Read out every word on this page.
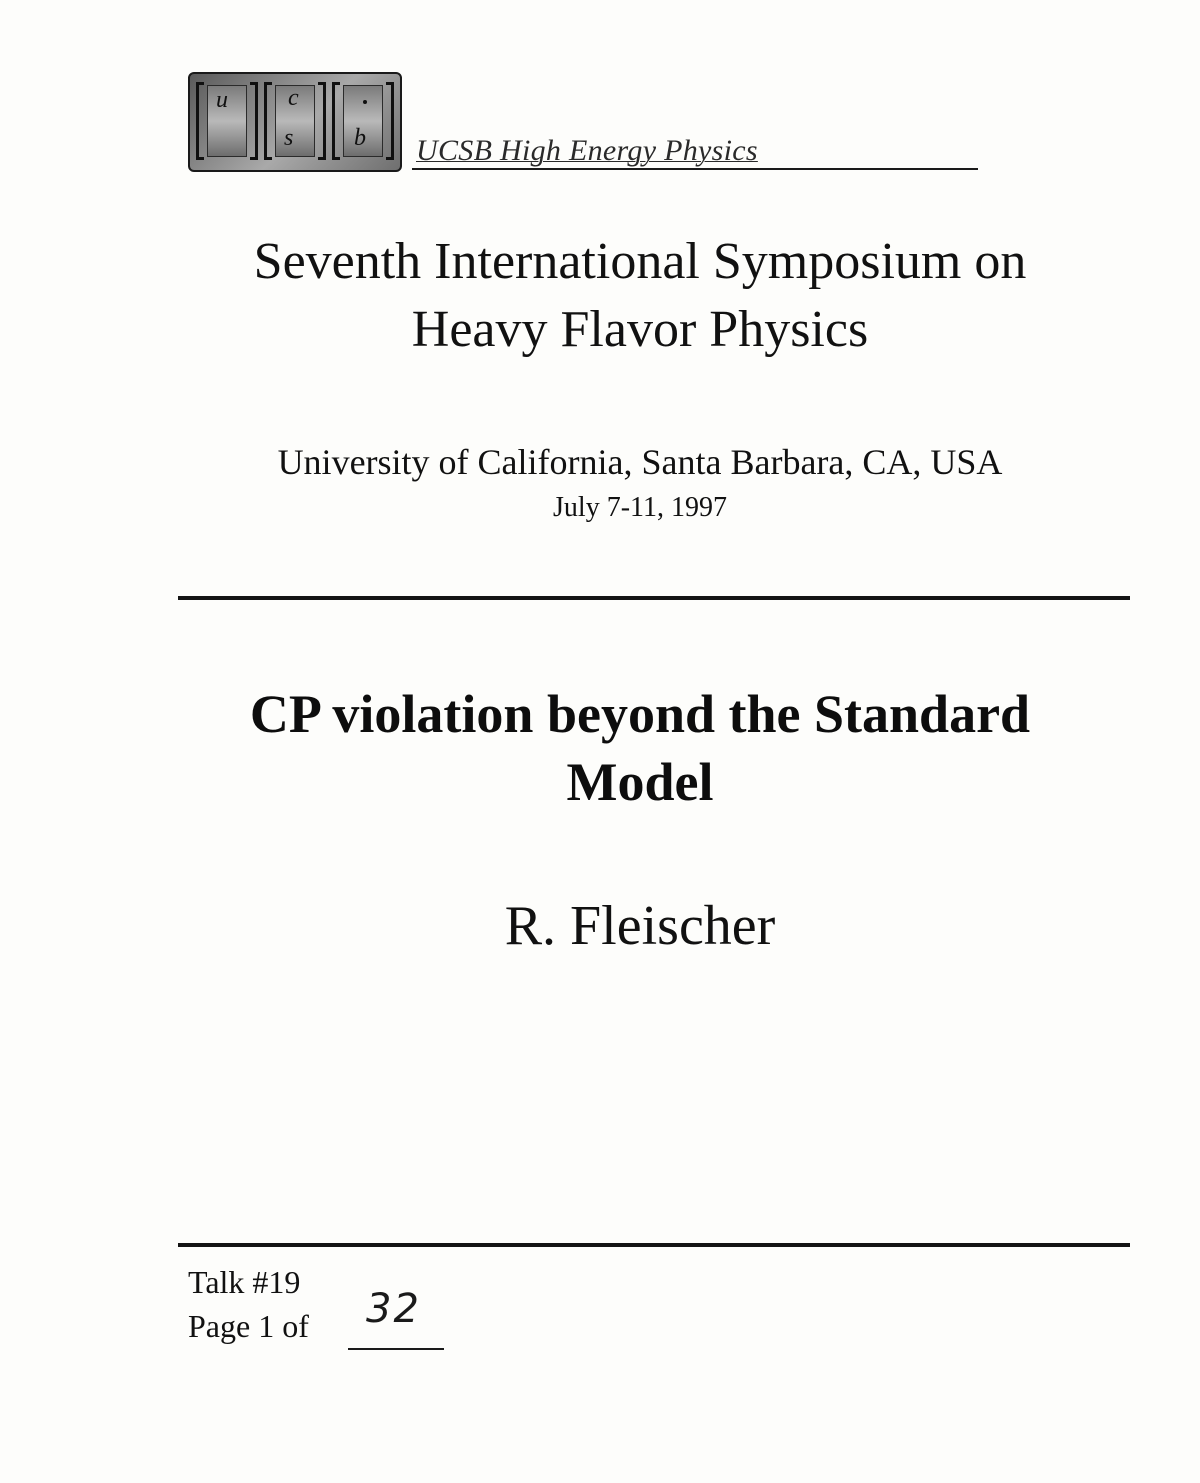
u	c
s	b UCSB High Energy Physics
Seventh International Symposium on
Heavy Flavor Physics
University of California, Santa Barbara, CA, USA
July 7-11, 1997
CP violation beyond the Standard
Model
R. Fleischer
Talk #19
Page 1 of 32
